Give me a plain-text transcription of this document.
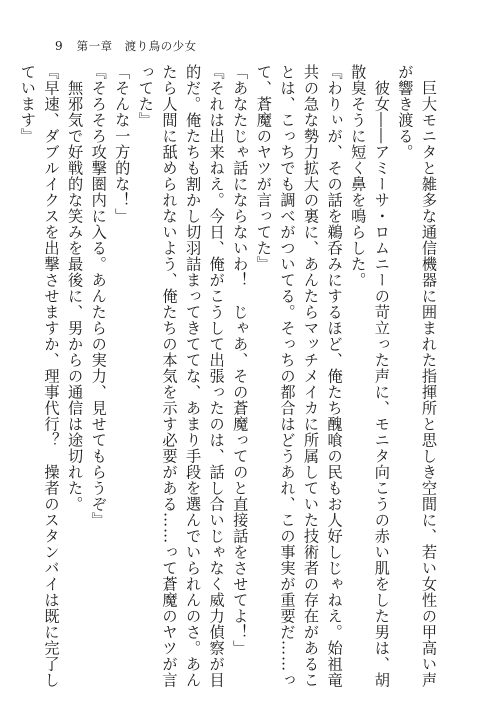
9 第一章　渡り鳥の少女

　巨大モニタと雑多な通信機器に囲まれた指揮所と思しき空間に、若い女性の甲高い声が響き渡る。

　彼女――アミーサ・ロムニーの苛立った声に、モニタ向こうの赤い肌をした男は、胡散臭そうに短く鼻を鳴らした。

『わりぃが、その話を鵜呑みにするほど、俺たち醜喰の民もお人好しじゃねえ。始祖竜共の急な勢力拡大の裏に、あんたらマッチメイカに所属していた技術者の存在があることは、こっちでも調べがついてる。そっちの都合はどうあれ、この事実が重要だ……って、蒼魔のヤツが言ってた』

「あなたじゃ話にならないわ！　じゃあ、その蒼魔ってのと直接話をさせてよ！」

『それは出来ねえ。今日、俺がこうして出張ったのは、話し合いじゃなく威力偵察が目的だ。俺たちも割かし切羽詰まってきててな、あまり手段を選んでいられんのさ。あんたら人間に舐められないよう、俺たちの本気を示す必要がある……って蒼魔のヤツが言ってた』

「そんな一方的な！」

『そろそろ攻撃圏内に入る。あんたらの実力、見せてもらうぞ』

　無邪気で好戦的な笑みを最後に、男からの通信は途切れた。

『早速、ダブルイクスを出撃させますか、理事代行？　操者のスタンバイは既に完了しています』
